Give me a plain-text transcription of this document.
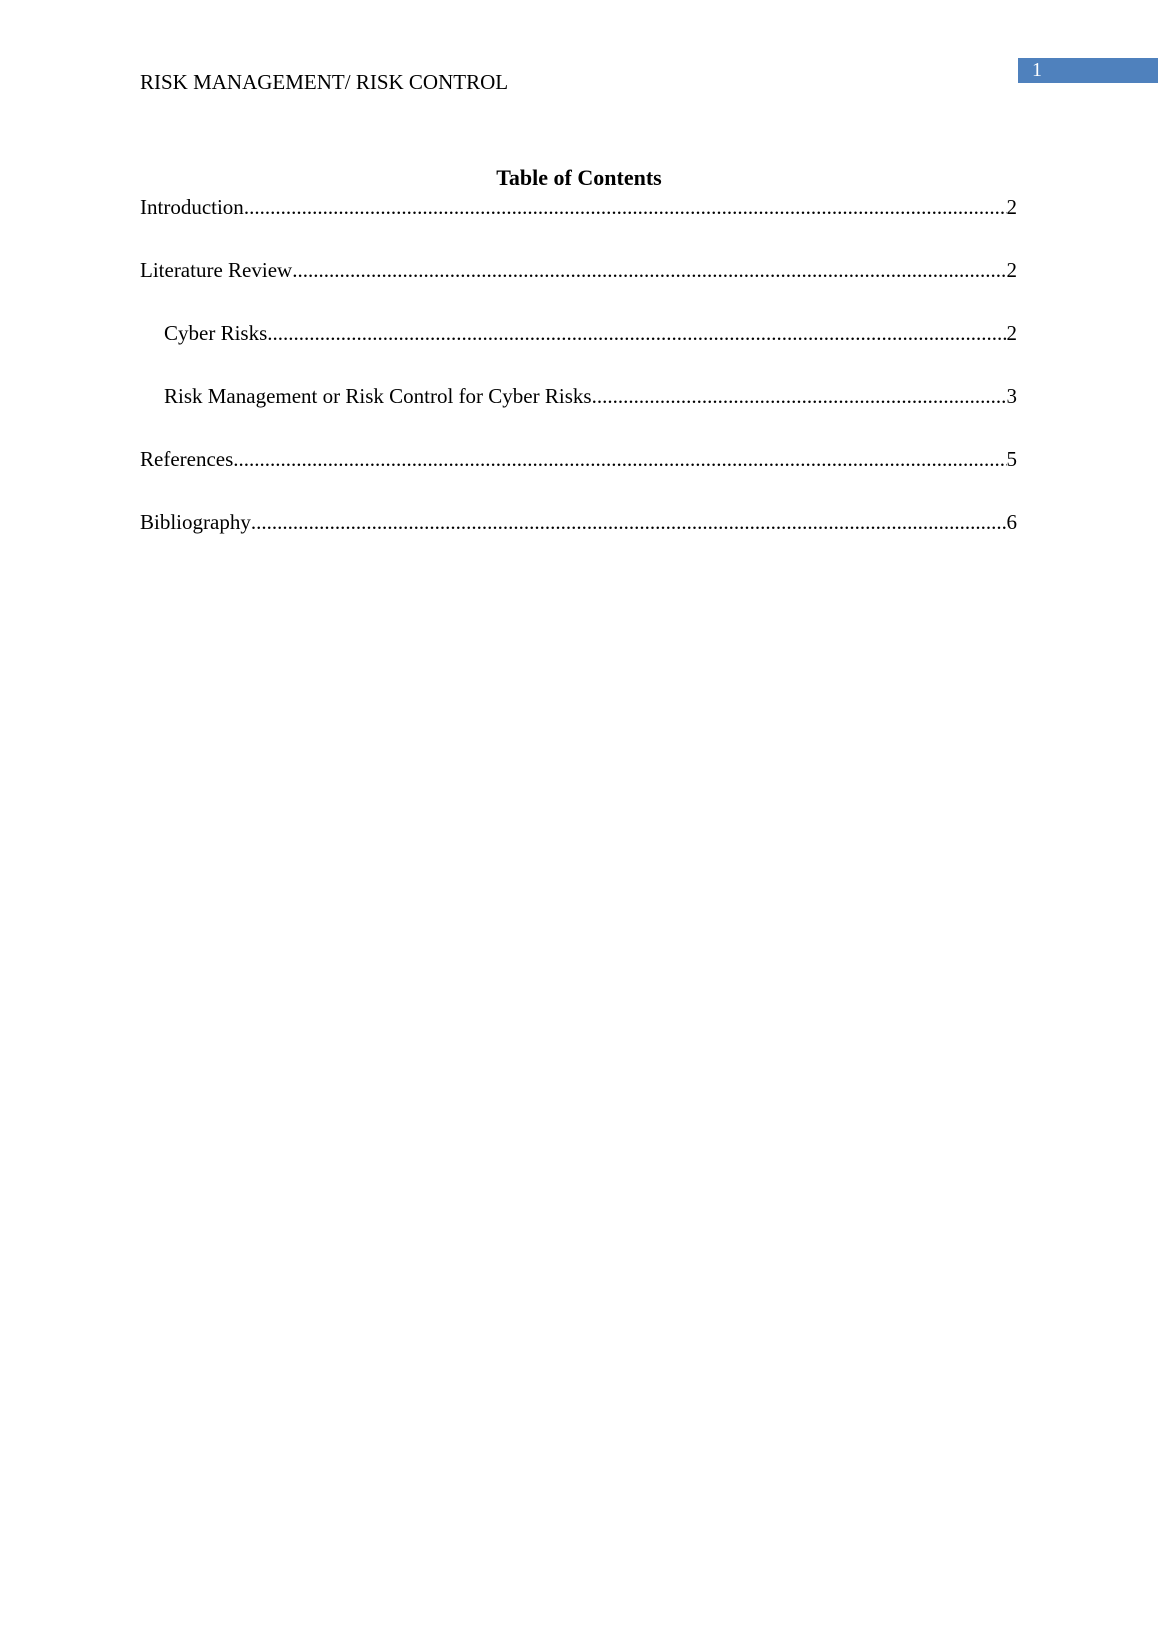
1
RISK MANAGEMENT/ RISK CONTROL
Table of Contents
Introduction .....	2
Literature Review .....	2
Cyber Risks .....	2
Risk Management or Risk Control for Cyber Risks .....	3
References .....	5
Bibliography .....	6
